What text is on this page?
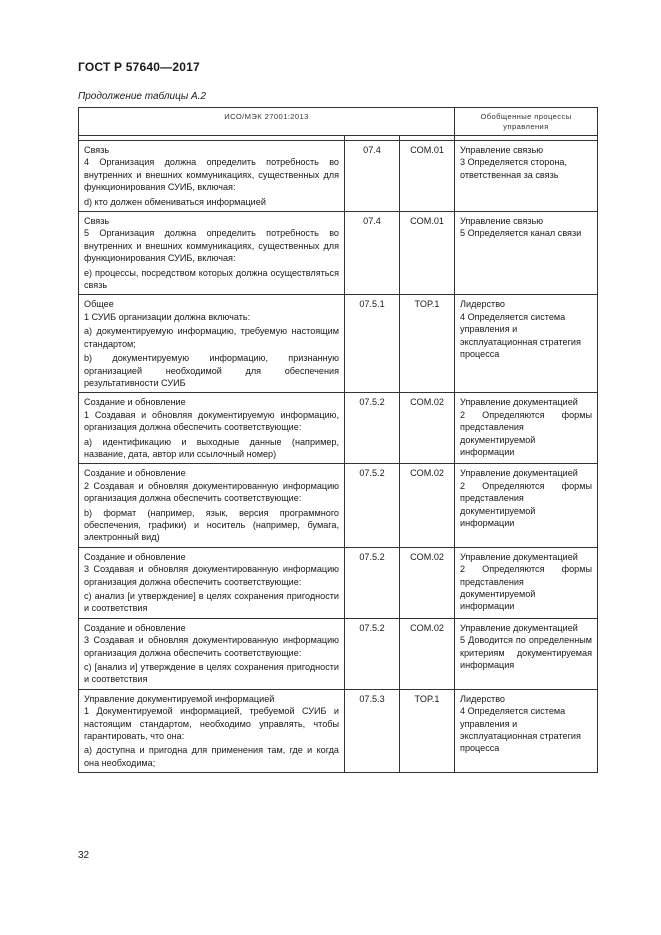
ГОСТ Р 57640—2017
Продолжение таблицы А.2
ИСО/МЭК 27001:2013			Обобщенные процессы управления

Связь
4 Организация должна определить потребность во внутренних и внешних коммуникациях, существенных для функционирования СУИБ, включая:
d) кто должен обмениваться информацией	07.4	COM.01	Управление связью
3 Определяется сторона, ответственная за связь

Связь
5 Организация должна определить потребность во внутренних и внешних коммуникациях, существенных для функционирования СУИБ, включая:
e) процессы, посредством которых должна осуществляться связь	07.4	COM.01	Управление связью
5 Определяется канал связи

Общее
1 СУИБ организации должна включать:
a) документируемую информацию, требуемую настоящим стандартом;
b) документируемую информацию, признанную организацией необходимой для обеспечения результативности СУИБ	07.5.1	TOP.1	Лидерство
4 Определяется система управления и эксплуатационная стратегия процесса

Создание и обновление
1 Создавая и обновляя документируемую информацию, организация должна обеспечить соответствующие:
a) идентификацию и выходные данные (например, название, дата, автор или ссылочный номер)	07.5.2	COM.02	Управление документацией
2 Определяются формы представления документируемой информации

Создание и обновление
2 Создавая и обновляя документированную информацию организация должна обеспечить соответствующие:
b) формат (например, язык, версия программного обеспечения, графики) и носитель (например, бумага, электронный вид)	07.5.2	COM.02	Управление документацией
2 Определяются формы представления документируемой информации

Создание и обновление
3 Создавая и обновляя документированную информацию организация должна обеспечить соответствующие:
c) анализ [и утверждение] в целях сохранения пригодности и соответствия	07.5.2	COM.02	Управление документацией
2 Определяются формы представления документируемой информации

Создание и обновление
3 Создавая и обновляя документированную информацию организация должна обеспечить соответствующие:
c) [анализ и] утверждение в целях сохранения пригодности и соответствия	07.5.2	COM.02	Управление документацией
5 Доводится по определенным критериям документируемая информация

Управление документируемой информацией
1 Документируемой информацией, требуемой СУИБ и настоящим стандартом, необходимо управлять, чтобы гарантировать, что она:
a) доступна и пригодна для применения там, где и когда она необходима;	07.5.3	TOP.1	Лидерство
4 Определяется система управления и эксплуатационная стратегия процесса
32
